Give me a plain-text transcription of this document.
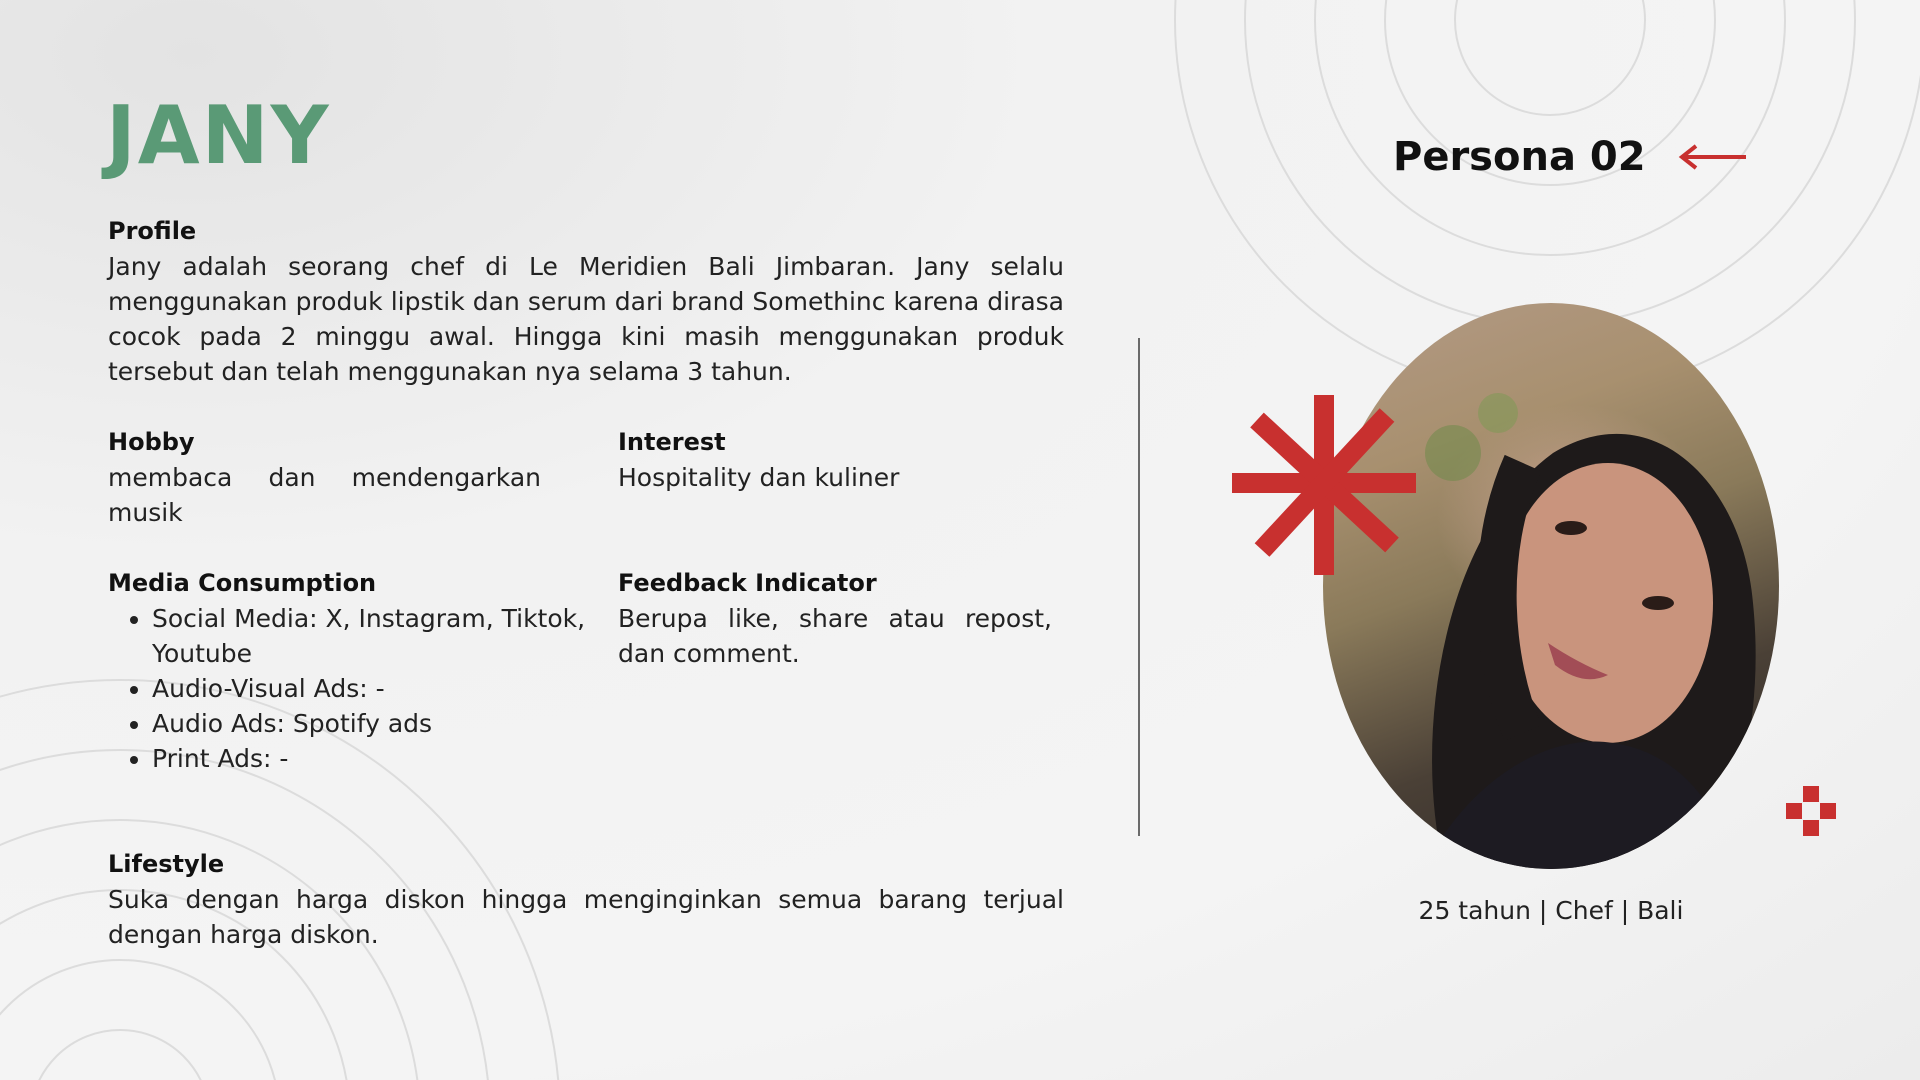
JANY
Profile
Jany adalah seorang chef di Le Meridien Bali Jimbaran. Jany selalu menggunakan produk lipstik dan serum dari brand Somethinc karena dirasa cocok pada 2 minggu awal. Hingga kini masih menggunakan produk tersebut dan telah menggunakan nya selama 3 tahun.
Hobby
membaca dan mendengarkan musik
Interest
Hospitality dan kuliner
Media Consumption
• Social Media: X, Instagram, Tiktok, Youtube
• Audio-Visual Ads: -
• Audio Ads: Spotify ads
• Print Ads: -
Feedback Indicator
Berupa like, share atau repost, dan comment.
Lifestyle
Suka dengan harga diskon hingga menginginkan semua barang terjual dengan harga diskon.
Persona 02
25 tahun | Chef | Bali
